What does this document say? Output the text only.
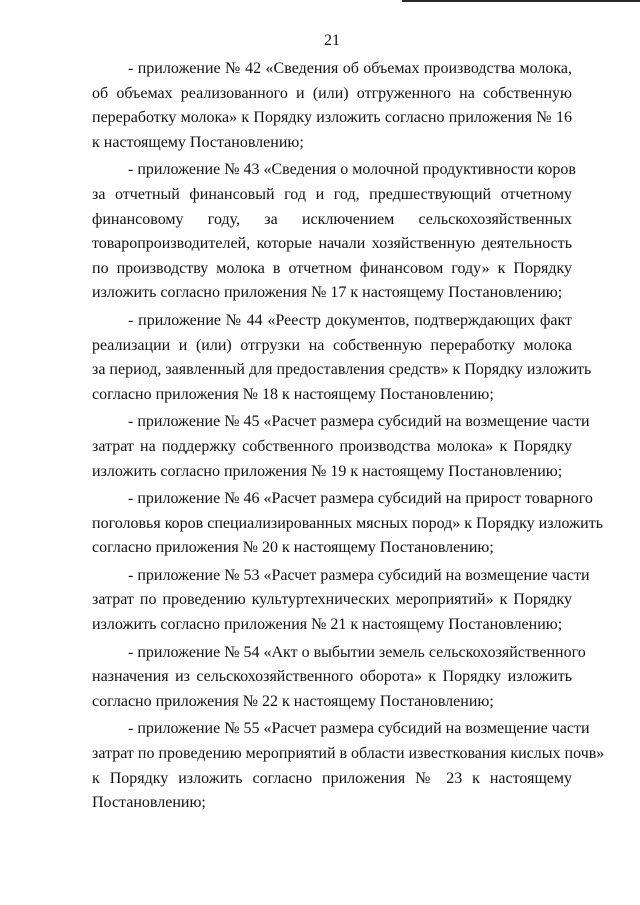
21
- приложение № 42 «Сведения об объемах производства молока,
об объемах реализованного и (или) отгруженного на собственную
переработку молока» к Порядку изложить согласно приложения № 16
к настоящему Постановлению;
- приложение № 43 «Сведения о молочной продуктивности коров
за отчетный финансовый год и год, предшествующий отчетному
финансовому году, за исключением сельскохозяйственных
товаропроизводителей, которые начали хозяйственную деятельность
по производству молока в отчетном финансовом году» к Порядку
изложить согласно приложения № 17 к настоящему Постановлению;
- приложение № 44 «Реестр документов, подтверждающих факт
реализации и (или) отгрузки на собственную переработку молока
за период, заявленный для предоставления средств» к Порядку изложить
согласно приложения № 18 к настоящему Постановлению;
- приложение № 45 «Расчет размера субсидий на возмещение части
затрат на поддержку собственного производства молока» к Порядку
изложить согласно приложения № 19 к настоящему Постановлению;
- приложение № 46 «Расчет размера субсидий на прирост товарного
поголовья коров специализированных мясных пород» к Порядку изложить
согласно приложения № 20 к настоящему Постановлению;
- приложение № 53 «Расчет размера субсидий на возмещение части
затрат по проведению культуртехнических мероприятий» к Порядку
изложить согласно приложения № 21 к настоящему Постановлению;
- приложение № 54 «Акт о выбытии земель сельскохозяйственного
назначения из сельскохозяйственного оборота» к Порядку изложить
согласно приложения № 22 к настоящему Постановлению;
- приложение № 55 «Расчет размера субсидий на возмещение части
затрат по проведению мероприятий в области известкования кислых почв»
к Порядку изложить согласно приложения № 23 к настоящему
Постановлению;
